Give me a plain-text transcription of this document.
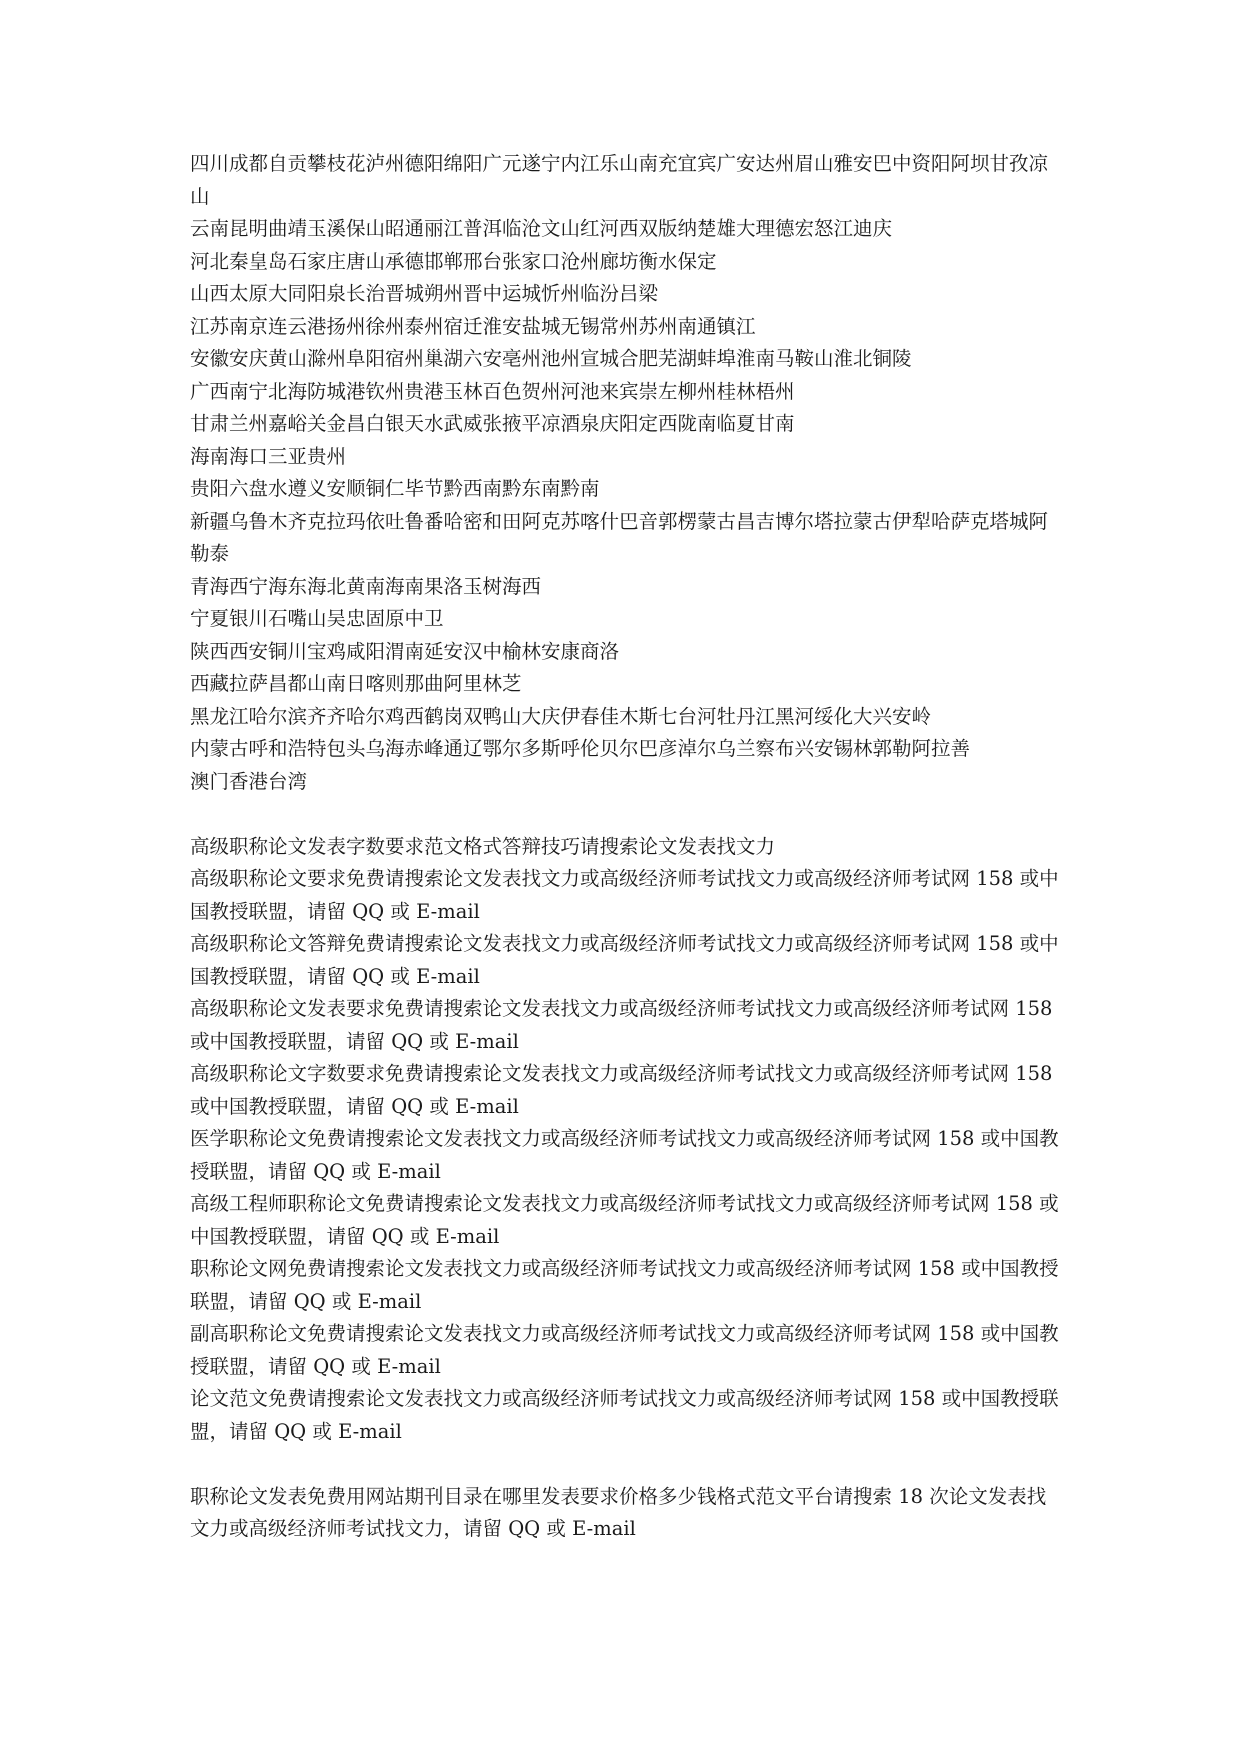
四川成都自贡攀枝花泸州德阳绵阳广元遂宁内江乐山南充宜宾广安达州眉山雅安巴中资阳阿坝甘孜凉山

云南昆明曲靖玉溪保山昭通丽江普洱临沧文山红河西双版纳楚雄大理德宏怒江迪庆

河北秦皇岛石家庄唐山承德邯郸邢台张家口沧州廊坊衡水保定

山西太原大同阳泉长治晋城朔州晋中运城忻州临汾吕梁

江苏南京连云港扬州徐州泰州宿迁淮安盐城无锡常州苏州南通镇江

安徽安庆黄山滁州阜阳宿州巢湖六安亳州池州宣城合肥芜湖蚌埠淮南马鞍山淮北铜陵

广西南宁北海防城港钦州贵港玉林百色贺州河池来宾崇左柳州桂林梧州

甘肃兰州嘉峪关金昌白银天水武威张掖平凉酒泉庆阳定西陇南临夏甘南

海南海口三亚贵州

贵阳六盘水遵义安顺铜仁毕节黔西南黔东南黔南

新疆乌鲁木齐克拉玛依吐鲁番哈密和田阿克苏喀什巴音郭楞蒙古昌吉博尔塔拉蒙古伊犁哈萨克塔城阿勒泰

青海西宁海东海北黄南海南果洛玉树海西

宁夏银川石嘴山吴忠固原中卫

陕西西安铜川宝鸡咸阳渭南延安汉中榆林安康商洛

西藏拉萨昌都山南日喀则那曲阿里林芝

黑龙江哈尔滨齐齐哈尔鸡西鹤岗双鸭山大庆伊春佳木斯七台河牡丹江黑河绥化大兴安岭

内蒙古呼和浩特包头乌海赤峰通辽鄂尔多斯呼伦贝尔巴彦淖尔乌兰察布兴安锡林郭勒阿拉善

澳门香港台湾

高级职称论文发表字数要求范文格式答辩技巧请搜索论文发表找文力

高级职称论文要求免费请搜索论文发表找文力或高级经济师考试找文力或高级经济师考试网 158 或中国教授联盟，请留 QQ 或 E-mail

高级职称论文答辩免费请搜索论文发表找文力或高级经济师考试找文力或高级经济师考试网 158 或中国教授联盟，请留 QQ 或 E-mail

高级职称论文发表要求免费请搜索论文发表找文力或高级经济师考试找文力或高级经济师考试网 158 或中国教授联盟，请留 QQ 或 E-mail

高级职称论文字数要求免费请搜索论文发表找文力或高级经济师考试找文力或高级经济师考试网 158 或中国教授联盟，请留 QQ 或 E-mail

医学职称论文免费请搜索论文发表找文力或高级经济师考试找文力或高级经济师考试网 158 或中国教授联盟，请留 QQ 或 E-mail

高级工程师职称论文免费请搜索论文发表找文力或高级经济师考试找文力或高级经济师考试网 158 或中国教授联盟，请留 QQ 或 E-mail

职称论文网免费请搜索论文发表找文力或高级经济师考试找文力或高级经济师考试网 158 或中国教授联盟，请留 QQ 或 E-mail

副高职称论文免费请搜索论文发表找文力或高级经济师考试找文力或高级经济师考试网 158 或中国教授联盟，请留 QQ 或 E-mail

论文范文免费请搜索论文发表找文力或高级经济师考试找文力或高级经济师考试网 158 或中国教授联盟，请留 QQ 或 E-mail

职称论文发表免费用网站期刊目录在哪里发表要求价格多少钱格式范文平台请搜索 18 次论文发表找文力或高级经济师考试找文力，请留 QQ 或 E-mail
